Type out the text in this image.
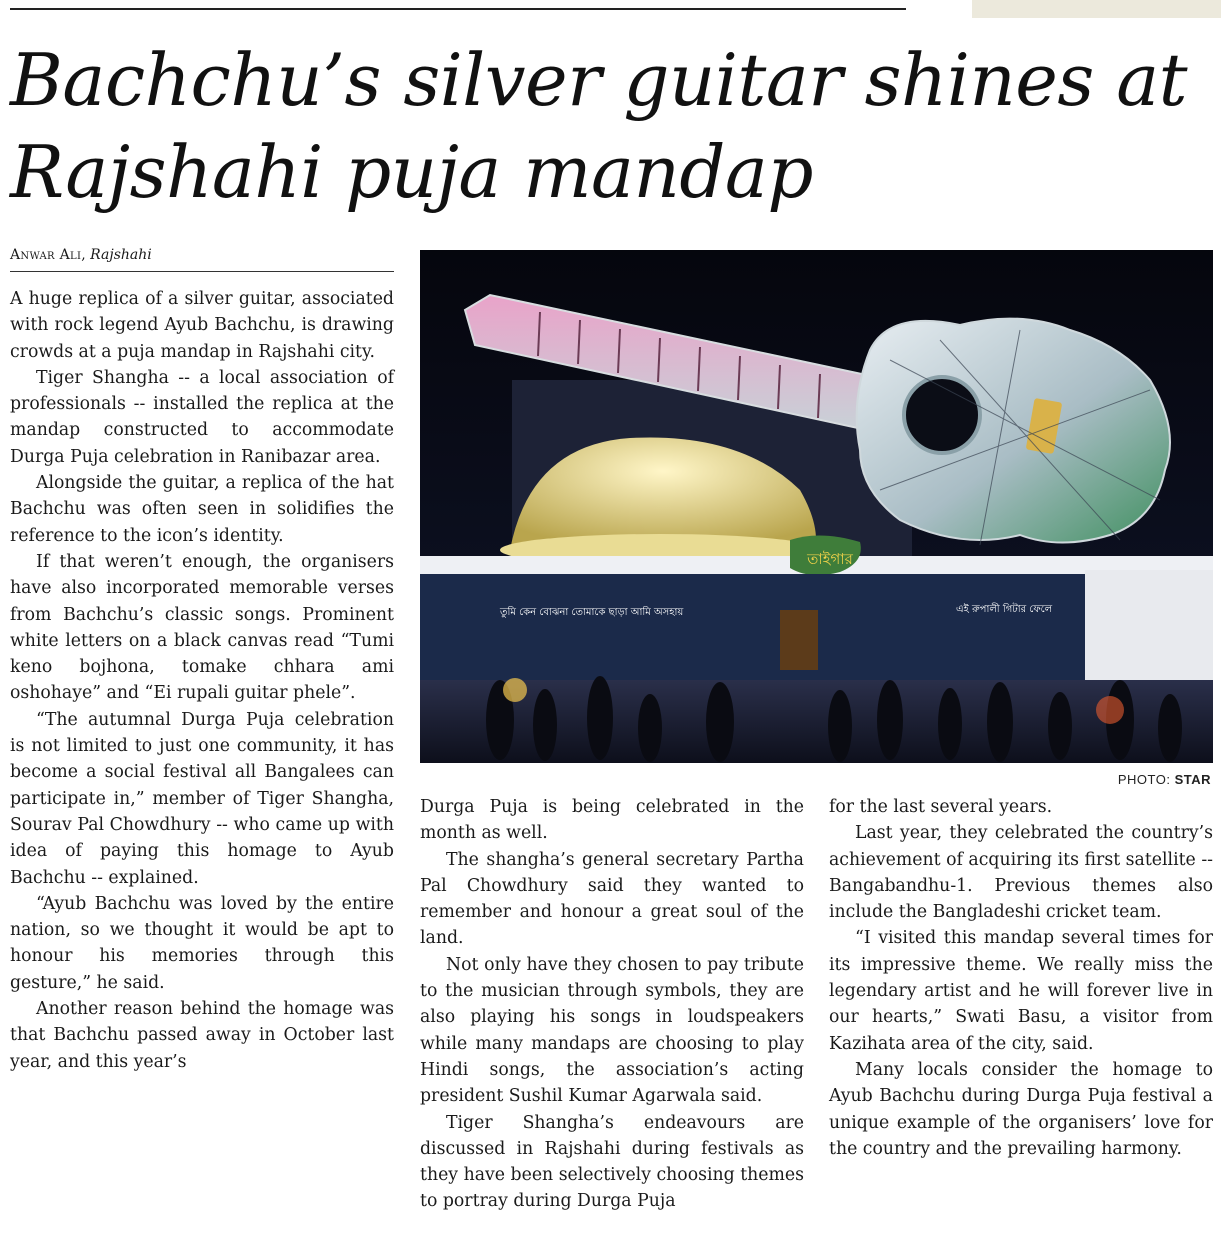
Bachchu’s silver guitar shines at
Rajshahi puja mandap
Anwar Ali, Rajshahi

A huge replica of a silver guitar, associated with rock legend Ayub Bachchu, is drawing crowds at a puja mandap in Rajshahi city.

Tiger Shangha -- a local association of professionals -- installed the replica at the mandap constructed to accommodate Durga Puja celebration in Ranibazar area.

Alongside the guitar, a replica of the hat Bachchu was often seen in solidifies the reference to the icon’s identity.

If that weren’t enough, the organisers have also incorporated memorable verses from Bachchu’s classic songs. Prominent white letters on a black canvas read “Tumi keno bojhona, tomake chhara ami oshohaye” and “Ei rupali guitar phele”.

“The autumnal Durga Puja celebration is not limited to just one community, it has become a social festival all Bangalees can participate in,” member of Tiger Shangha, Sourav Pal Chowdhury -- who came up with idea of paying this homage to Ayub Bachchu -- explained.

“Ayub Bachchu was loved by the entire nation, so we thought it would be apt to honour his memories through this gesture,” he said.

Another reason behind the homage was that Bachchu passed away in October last year, and this year’s

তাইগার
তুমি কেন বোঝনা তোমাকে ছাড়া আমি অসহায়	এই রুপালী গিটার ফেলে
PHOTO: STAR

Durga Puja is being celebrated in the month as well.

The shangha’s general secretary Partha Pal Chowdhury said they wanted to remember and honour a great soul of the land.

Not only have they chosen to pay tribute to the musician through symbols, they are also playing his songs in loudspeakers while many mandaps are choosing to play Hindi songs, the association’s acting president Sushil Kumar Agarwala said.

Tiger Shangha’s endeavours are discussed in Rajshahi during festivals as they have been selectively choosing themes to portray during Durga Puja

for the last several years.

Last year, they celebrated the country’s achievement of acquiring its first satellite -- Bangabandhu-1. Previous themes also include the Bangladeshi cricket team.

“I visited this mandap several times for its impressive theme. We really miss the legendary artist and he will forever live in our hearts,” Swati Basu, a visitor from Kazihata area of the city, said.

Many locals consider the homage to Ayub Bachchu during Durga Puja festival a unique example of the organisers’ love for the country and the prevailing harmony.
